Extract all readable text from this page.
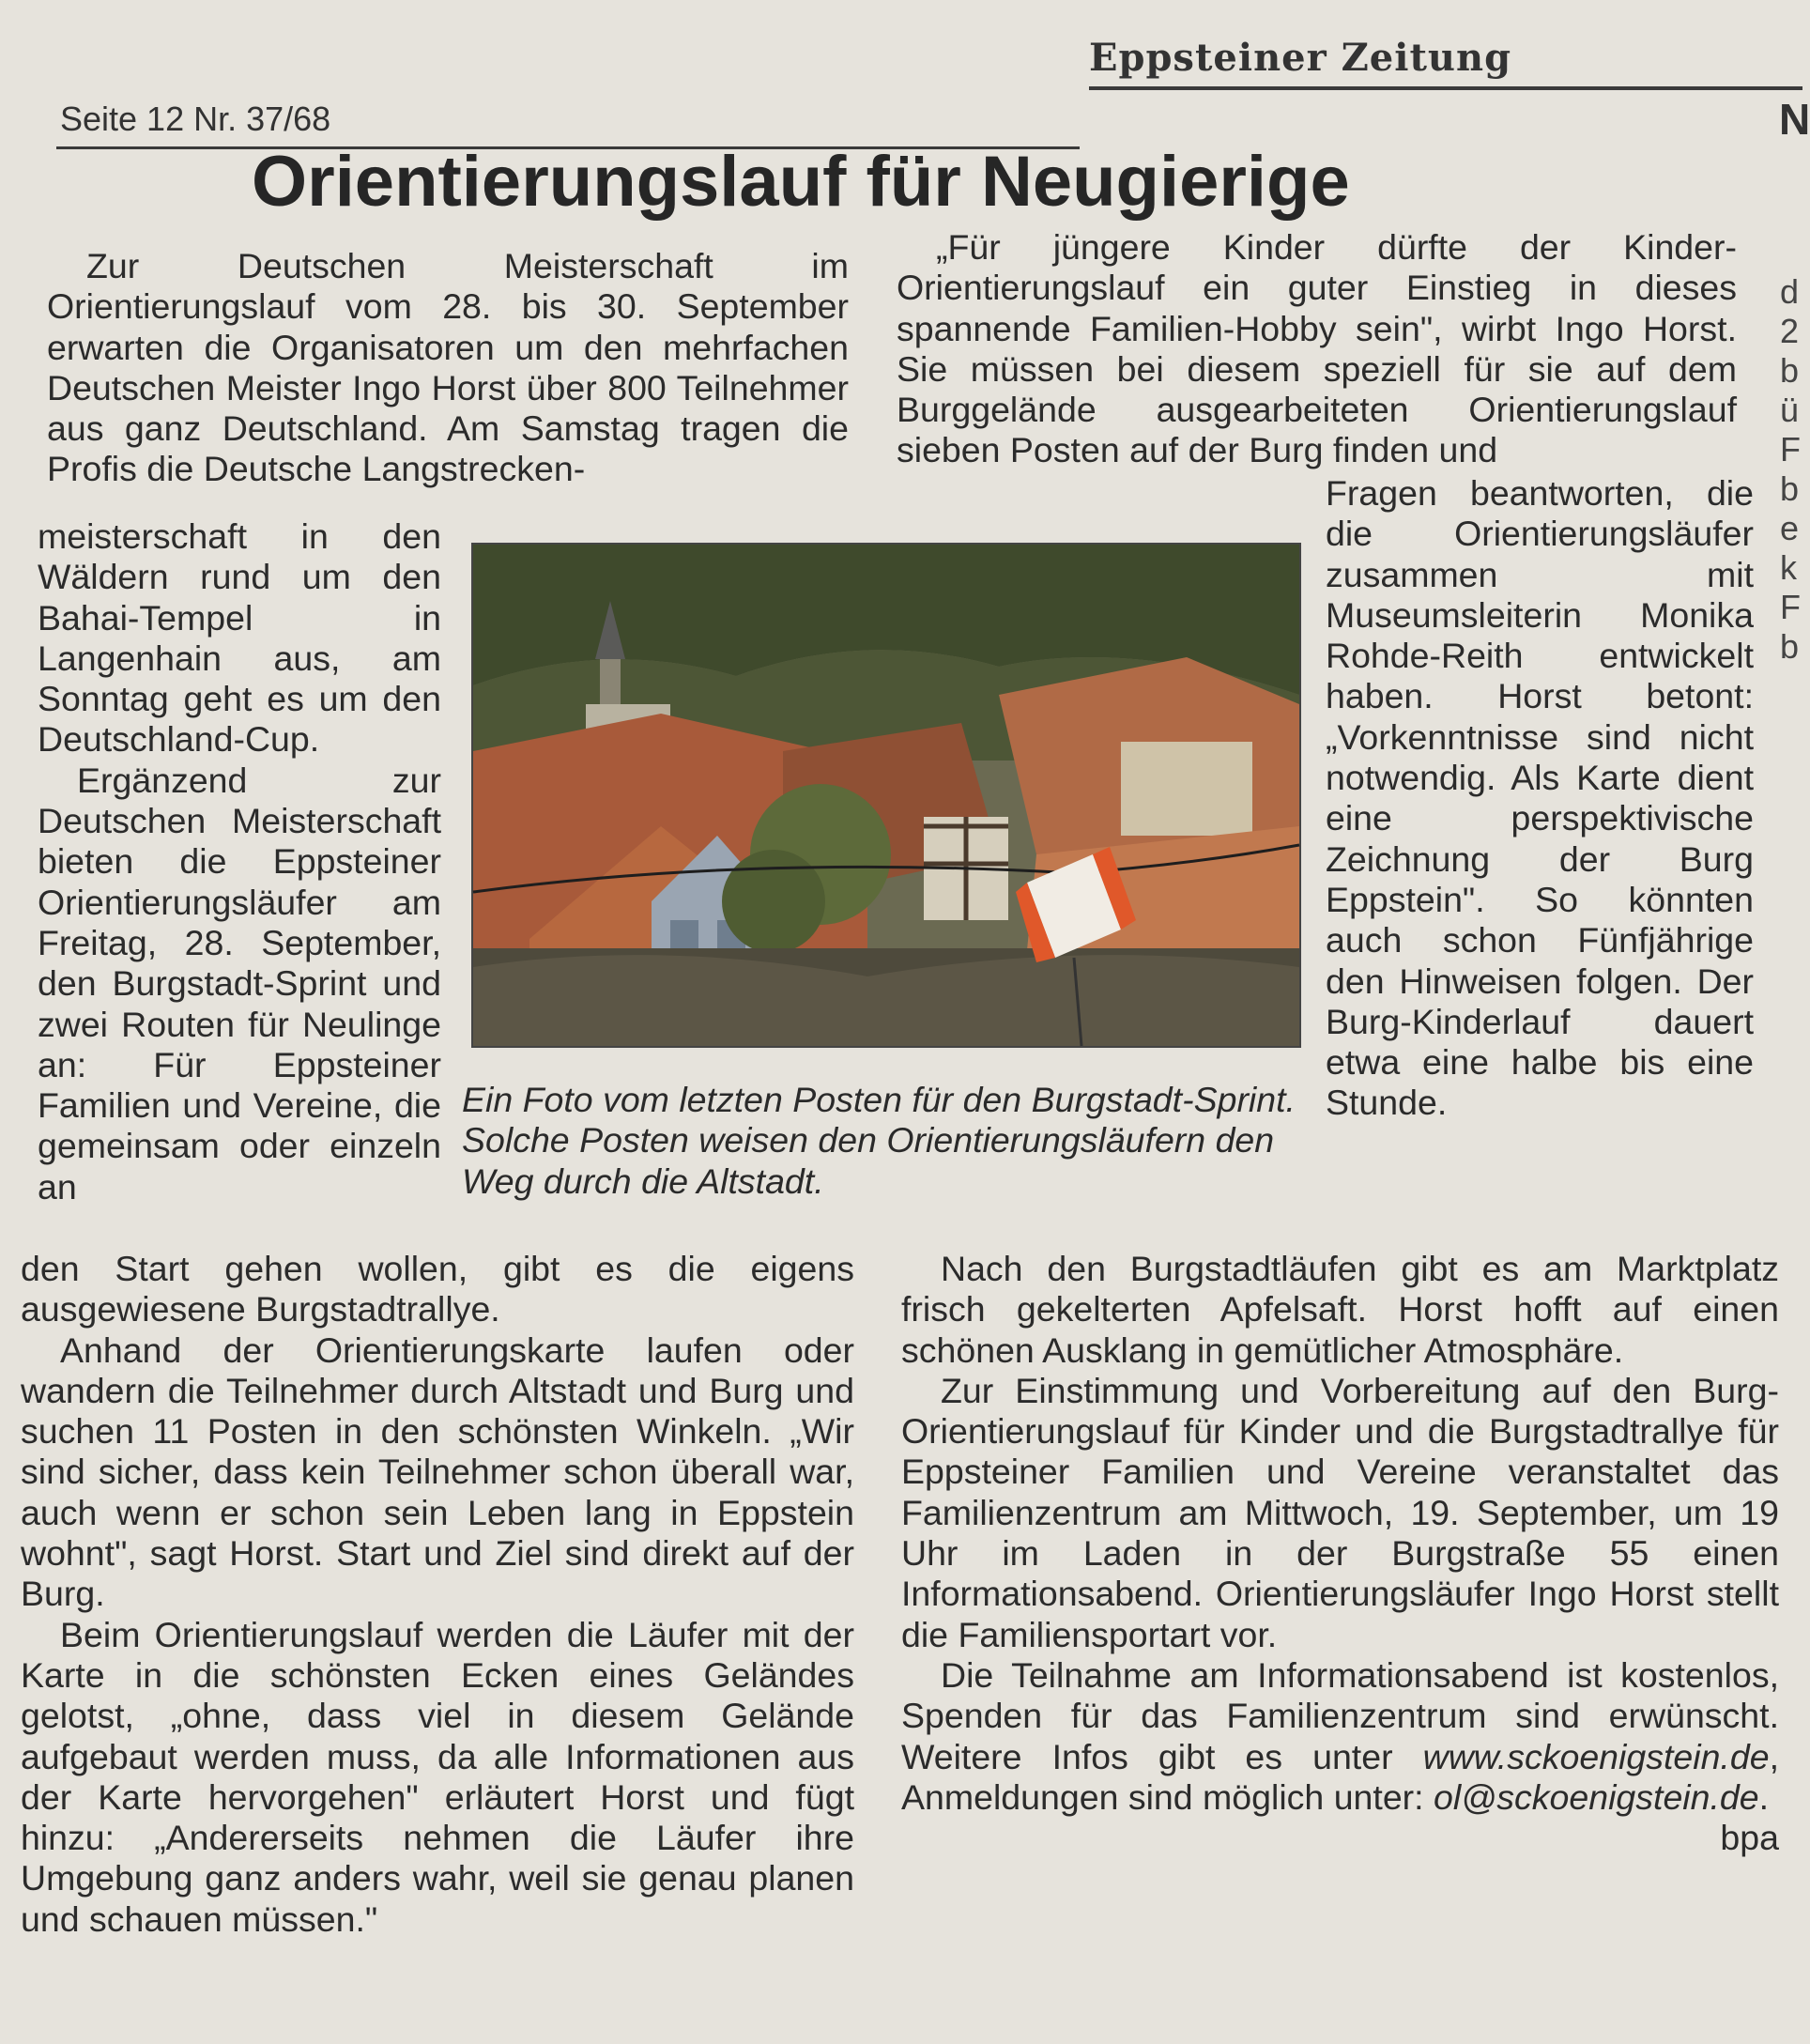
Eppsteiner Zeitung
N
Seite 12 Nr. 37/68
Orientierungslauf für Neugierige

Zur Deutschen Meisterschaft im Orientierungslauf vom 28. bis 30. September erwarten die Organisatoren um den mehrfachen Deutschen Meister Ingo Horst über 800 Teilnehmer aus ganz Deutschland. Am Samstag tragen die Profis die Deutsche Langstrecken-

meisterschaft in den Wäldern rund um den Bahai-Tempel in Langenhain aus, am Sonntag geht es um den Deutschland-Cup.

Ergänzend zur Deutschen Meisterschaft bieten die Eppsteiner Orientierungsläufer am Freitag, 28. September, den Burgstadt-Sprint und zwei Routen für Neulinge an: Für Eppsteiner Familien und Vereine, die gemeinsam oder einzeln an

Ein Foto vom letzten Posten für den Burgstadt-Sprint. Solche Posten weisen den Orientierungsläufern den Weg durch die Altstadt.

den Start gehen wollen, gibt es die eigens ausgewiesene Burgstadtrallye.

Anhand der Orientierungskarte laufen oder wandern die Teilnehmer durch Altstadt und Burg und suchen 11 Posten in den schönsten Winkeln. „Wir sind sicher, dass kein Teilnehmer schon überall war, auch wenn er schon sein Leben lang in Eppstein wohnt", sagt Horst. Start und Ziel sind direkt auf der Burg.

Beim Orientierungslauf werden die Läufer mit der Karte in die schönsten Ecken eines Geländes gelotst, „ohne, dass viel in diesem Gelände aufgebaut werden muss, da alle Informationen aus der Karte hervorgehen" erläutert Horst und fügt hinzu: „Andererseits nehmen die Läufer ihre Umgebung ganz anders wahr, weil sie genau planen und schauen müssen."

„Für jüngere Kinder dürfte der Kinder-Orientierungslauf ein guter Einstieg in dieses spannende Familien-Hobby sein", wirbt Ingo Horst. Sie müssen bei diesem speziell für sie auf dem Burggelände ausgearbeiteten Orientierungslauf sieben Posten auf der Burg finden und

Fragen beantworten, die die Orientierungsläufer zusammen mit Museumsleiterin Monika Rohde-Reith entwickelt haben. Horst betont: „Vorkenntnisse sind nicht notwendig. Als Karte dient eine perspektivische Zeichnung der Burg Eppstein". So könnten auch schon Fünfjährige den Hinweisen folgen. Der Burg-Kinderlauf dauert etwa eine halbe bis eine Stunde.

Nach den Burgstadtläufen gibt es am Marktplatz frisch gekelterten Apfelsaft. Horst hofft auf einen schönen Ausklang in gemütlicher Atmosphäre.

Zur Einstimmung und Vorbereitung auf den Burg-Orientierungslauf für Kinder und die Burgstadtrallye für Eppsteiner Familien und Vereine veranstaltet das Familienzentrum am Mittwoch, 19. September, um 19 Uhr im Laden in der Burgstraße 55 einen Informationsabend. Orientierungsläufer Ingo Horst stellt die Familiensportart vor.

Die Teilnahme am Informationsabend ist kostenlos, Spenden für das Familienzentrum sind erwünscht. Weitere Infos gibt es unter www.sckoenigstein.de, Anmeldungen sind möglich unter: ol@sckoenigstein.de.
bpa

d
2
b
ü
F
b
e
k
F
b
